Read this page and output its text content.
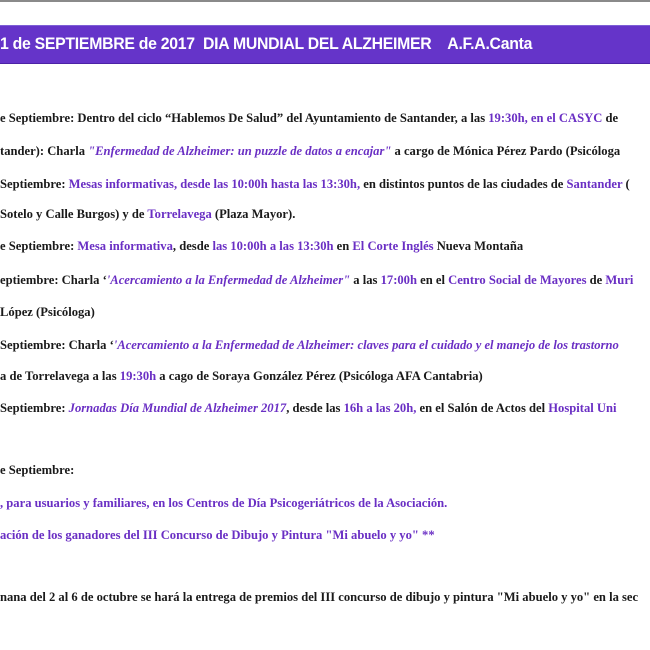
1 de SEPTIEMBRE de 2017  DIA MUNDIAL DEL ALZHEIMER    A.F.A.Canta
e Septiembre: Dentro del ciclo “Hablemos De Salud” del Ayuntamiento de Santander, a las 19:30h, en el CASYC de
tander): Charla "Enfermedad de Alzheimer: un puzzle de datos a encajar" a cargo de Mónica Pérez Pardo (Psicóloga
Septiembre: Mesas informativas, desde las 10:00h hasta las 13:30h, en distintos puntos de las ciudades de Santander (
Sotelo y Calle Burgos) y de Torrelavega (Plaza Mayor).
e Septiembre: Mesa informativa, desde las 10:00h a las 13:30h en El Corte Inglés Nueva Montaña
eptiembre: Charla ‘'Acercamiento a la Enfermedad de Alzheimer" a las 17:00h en el Centro Social de Mayores de Muri
López (Psicóloga)
Septiembre: Charla ‘'Acercamiento a la Enfermedad de Alzheimer: claves para el cuidado y el manejo de los trastorno
a de Torrelavega a las 19:30h a cago de Soraya González Pérez (Psicóloga AFA Cantabria)
Septiembre: Jornadas Día Mundial de Alzheimer 2017, desde las 16h a las 20h, en el Salón de Actos del Hospital Uni
e Septiembre:
, para usuarios y familiares, en los Centros de Día Psicogeriátricos de la Asociación.
ación de los ganadores del III Concurso de Dibujo y Pintura "Mi abuelo y yo" **
nana del 2 al 6 de octubre se hará la entrega de premios del III concurso de dibujo y pintura "Mi abuelo y yo" en la sec
